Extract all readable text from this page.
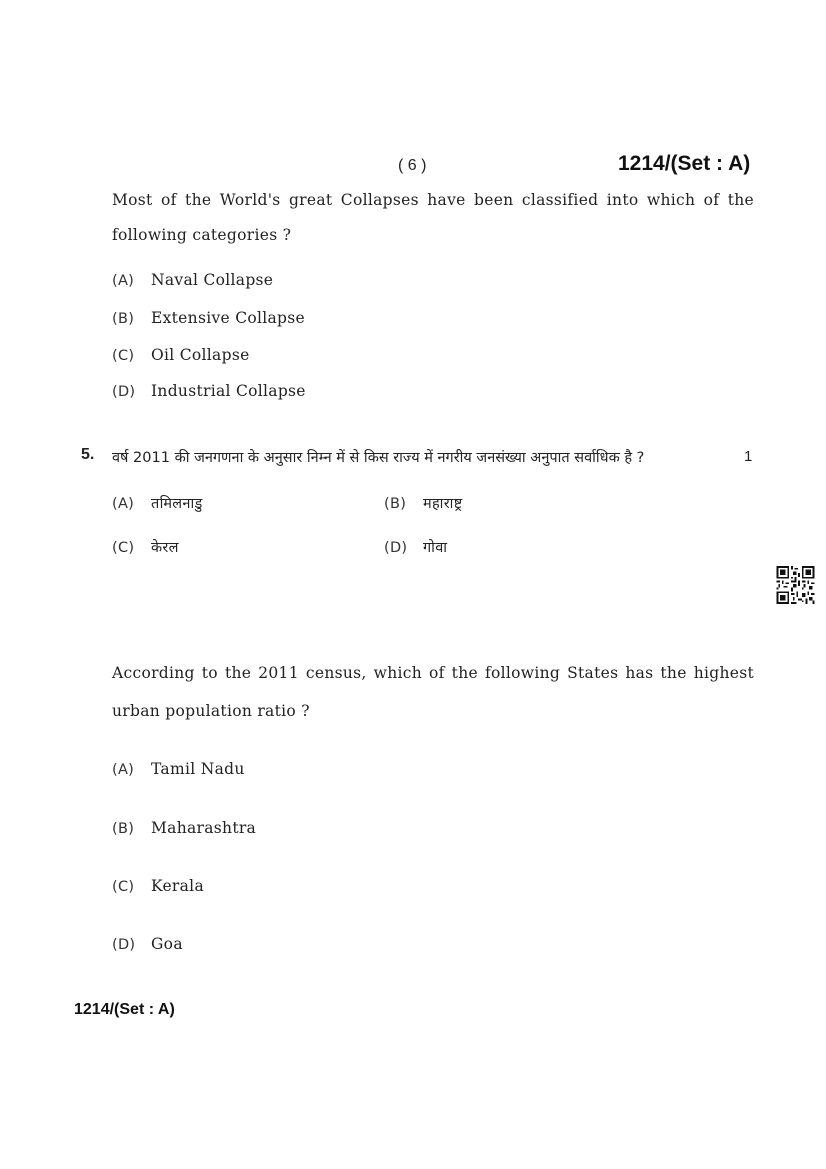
( 6 )	1214/(Set : A)
Most of the World's great Collapses have been classified into which of the
following categories ?
(A) Naval Collapse
(B) Extensive Collapse
(C) Oil Collapse
(D) Industrial Collapse
5. वर्ष 2011 की जनगणना के अनुसार निम्न में से किस राज्य में नगरीय जनसंख्या अनुपात सर्वाधिक है ?	1
(A) तमिलनाडु	(B) महाराष्ट्र
(C) केरल	(D) गोवा
According to the 2011 census, which of the following States has the highest
urban population ratio ?
(A) Tamil Nadu
(B) Maharashtra
(C) Kerala
(D) Goa
1214/(Set : A)
